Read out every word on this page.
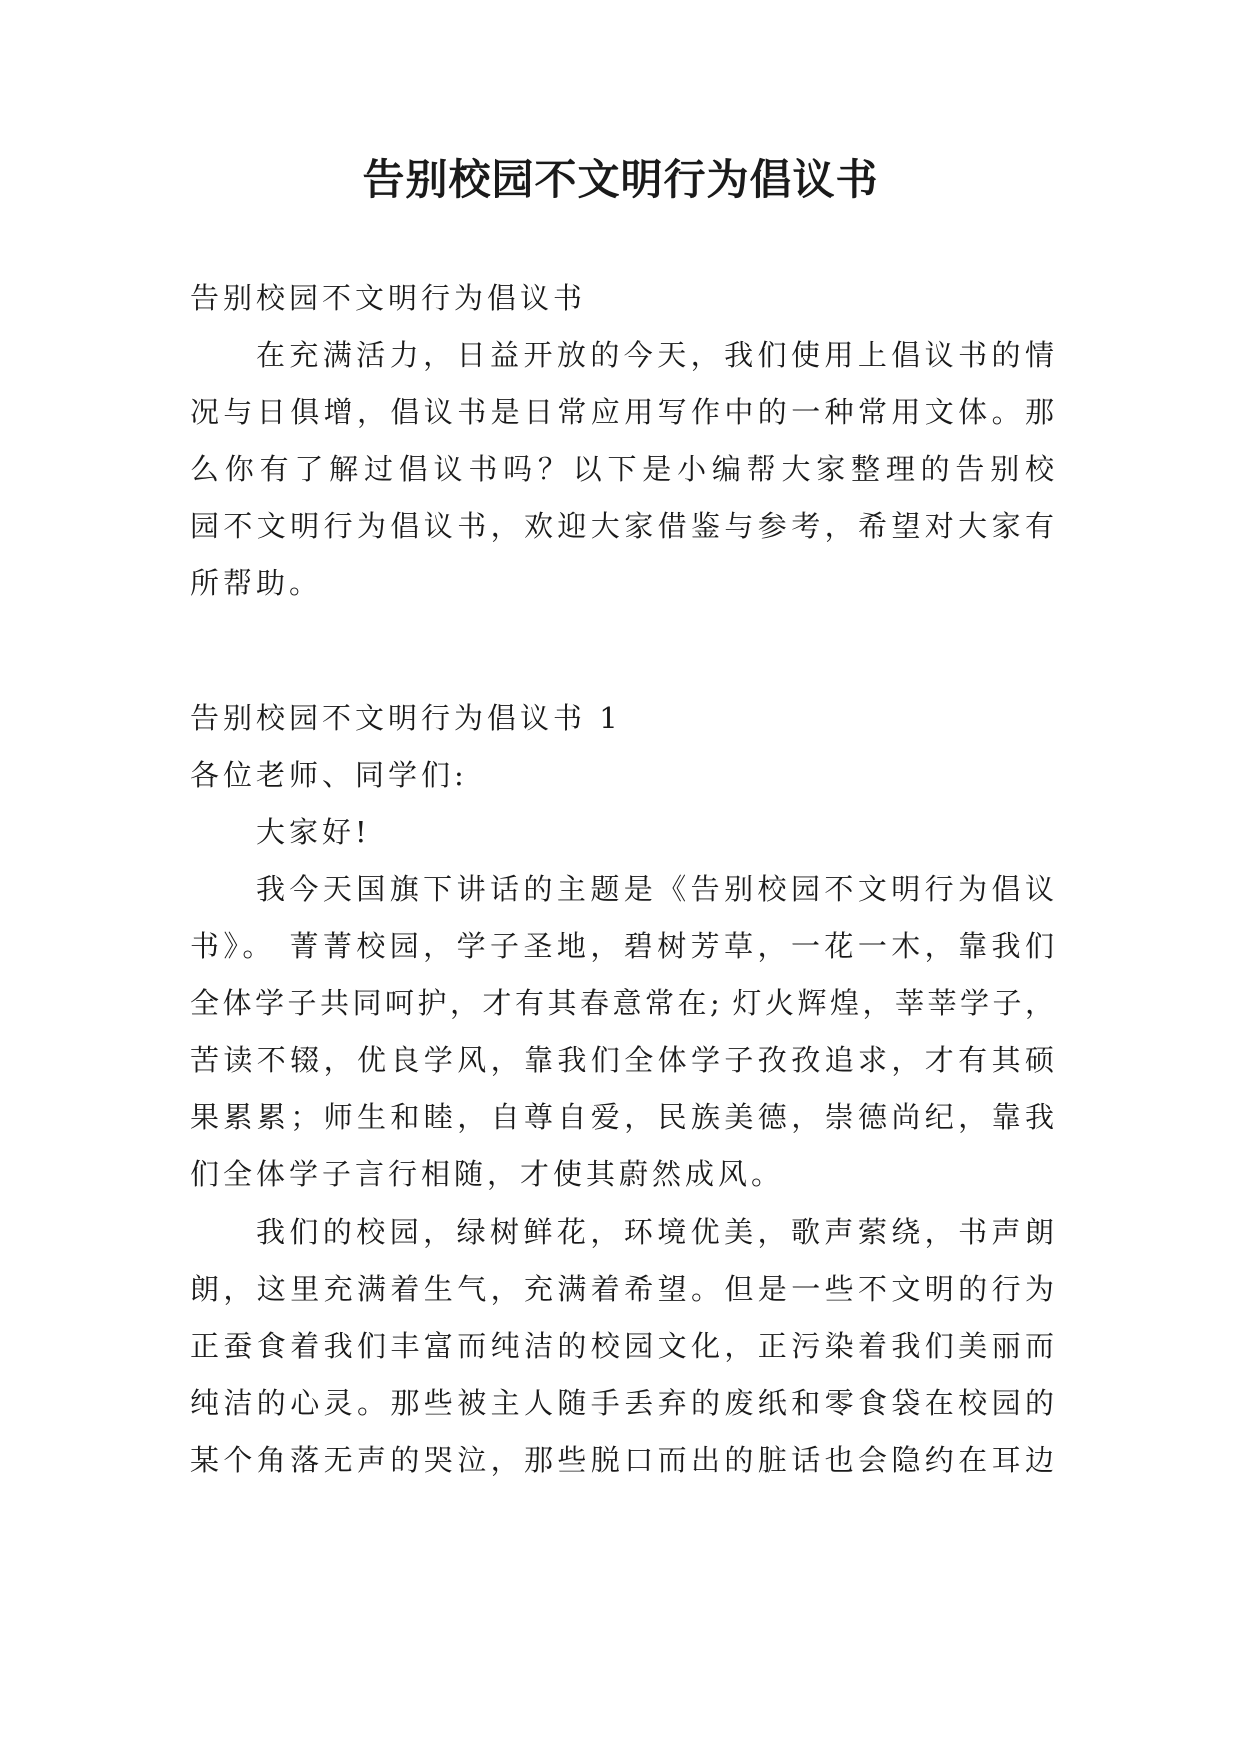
告别校园不文明行为倡议书
告别校园不文明行为倡议书
在充满活力，日益开放的今天，我们使用上倡议书的情
况与日俱增，倡议书是日常应用写作中的一种常用文体。那
么你有了解过倡议书吗？以下是小编帮大家整理的告别校
园不文明行为倡议书，欢迎大家借鉴与参考，希望对大家有
所帮助。
告别校园不文明行为倡议书 1
各位老师、同学们:
大家好!
我今天国旗下讲话的主题是《告别校园不文明行为倡议
书》。 菁菁校园，学子圣地，碧树芳草，一花一木，靠我们
全体学子共同呵护，才有其春意常在; 灯火辉煌，莘莘学子，
苦读不辍，优良学风，靠我们全体学子孜孜追求，才有其硕
果累累；师生和睦，自尊自爱，民族美德，崇德尚纪，靠我
们全体学子言行相随，才使其蔚然成风。
我们的校园，绿树鲜花，环境优美，歌声萦绕，书声朗
朗，这里充满着生气，充满着希望。但是一些不文明的行为
正蚕食着我们丰富而纯洁的校园文化，正污染着我们美丽而
纯洁的心灵。那些被主人随手丢弃的废纸和零食袋在校园的
某个角落无声的哭泣，那些脱口而出的脏话也会隐约在耳边
